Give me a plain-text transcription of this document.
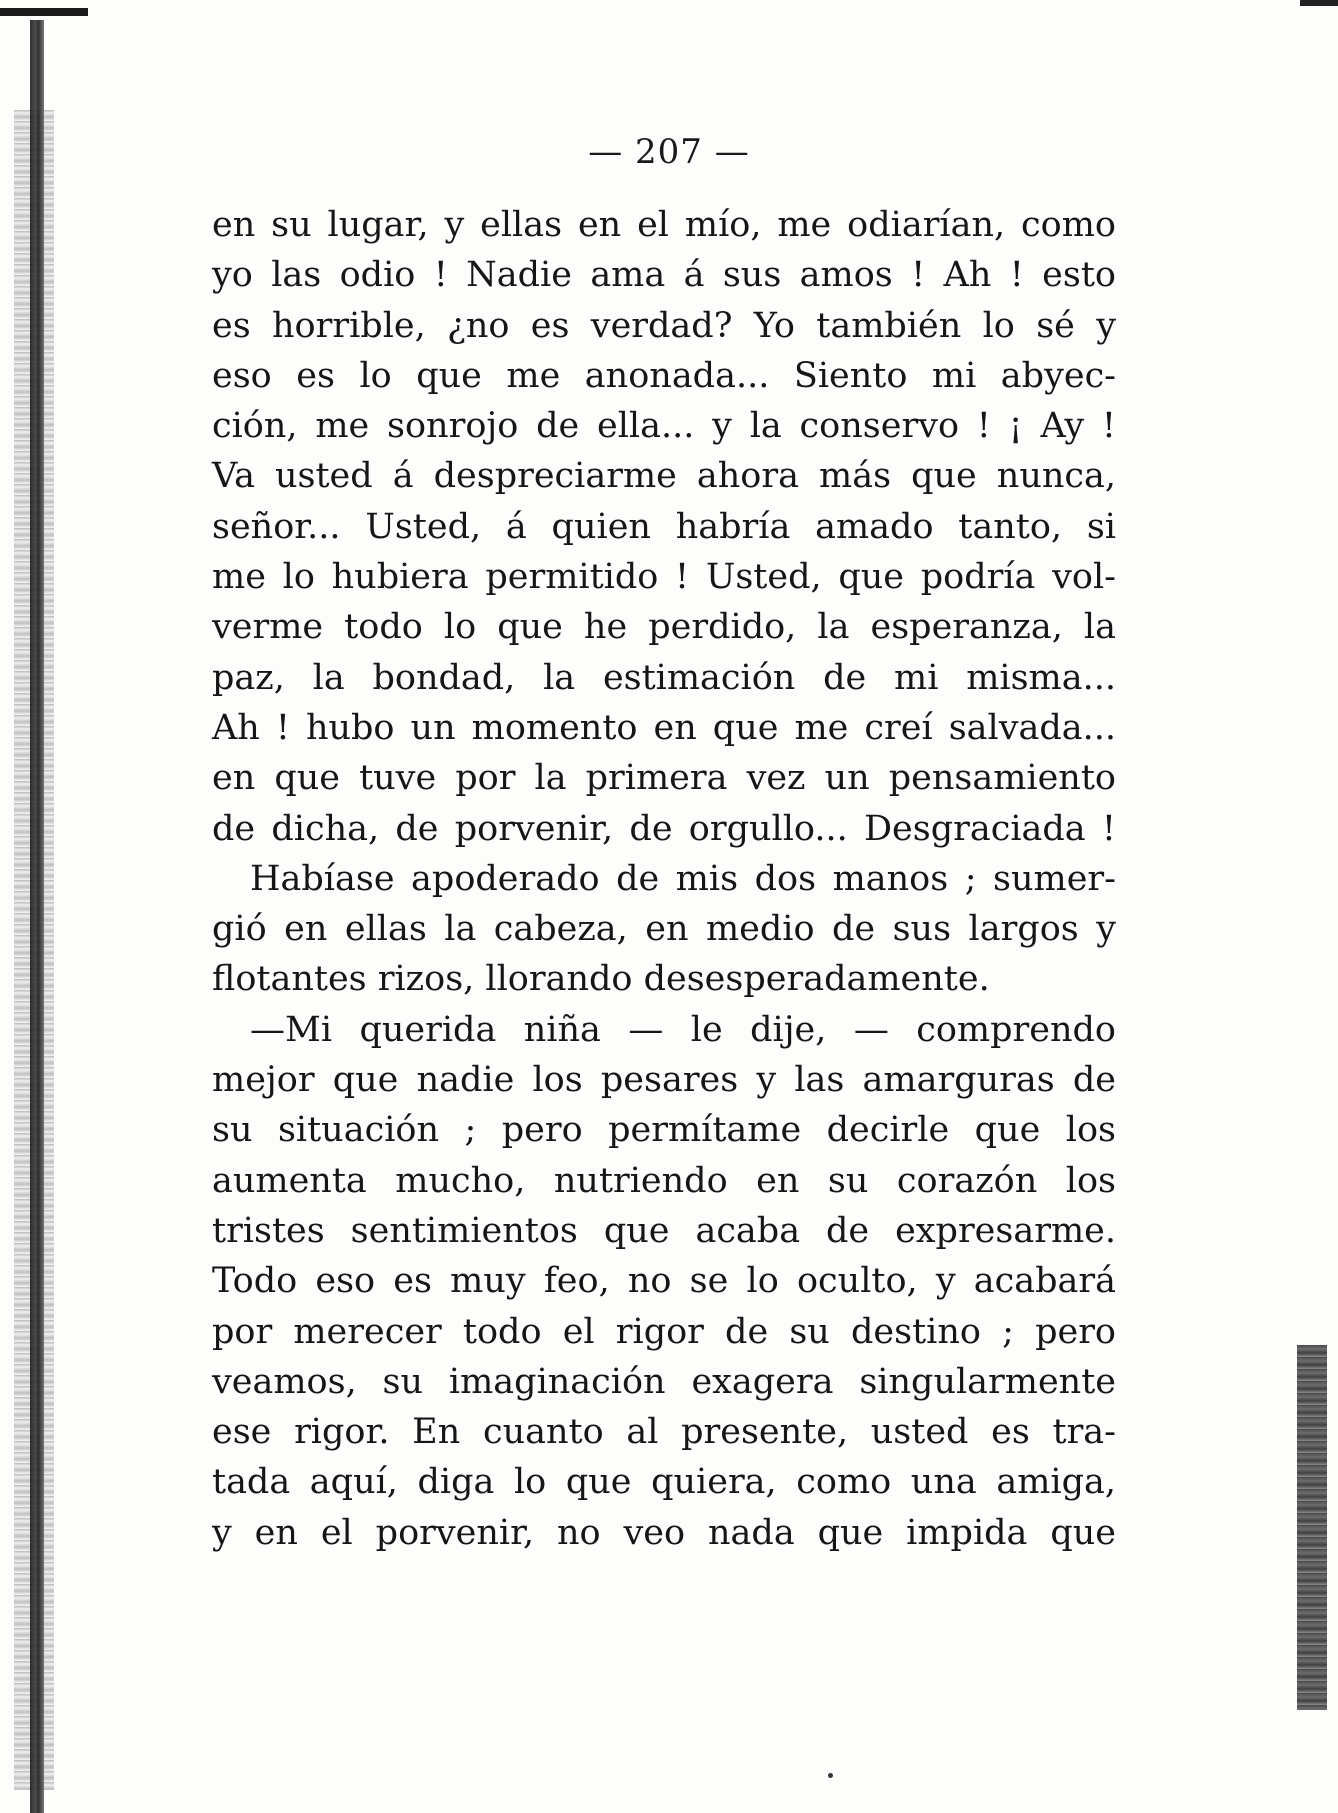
— 207 —
en su lugar, y ellas en el mío, me odiarían, como
yo las odio ! Nadie ama á sus amos ! Ah ! esto
es horrible, ¿no es verdad? Yo también lo sé y
eso es lo que me anonada... Siento mi abyec-
ción, me sonrojo de ella... y la conservo ! ¡ Ay !
Va usted á despreciarme ahora más que nunca,
señor... Usted, á quien habría amado tanto, si
me lo hubiera permitido ! Usted, que podría vol-
verme todo lo que he perdido, la esperanza, la
paz, la bondad, la estimación de mi misma...
Ah ! hubo un momento en que me creí salvada...
en que tuve por la primera vez un pensamiento
de dicha, de porvenir, de orgullo... Desgraciada !
Habíase apoderado de mis dos manos ; sumer-
gió en ellas la cabeza, en medio de sus largos y
flotantes rizos, llorando desesperadamente.
—Mi querida niña — le dije, — comprendo
mejor que nadie los pesares y las amarguras de
su situación ; pero permítame decirle que los
aumenta mucho, nutriendo en su corazón los
tristes sentimientos que acaba de expresarme.
Todo eso es muy feo, no se lo oculto, y acabará
por merecer todo el rigor de su destino ; pero
veamos, su imaginación exagera singularmente
ese rigor. En cuanto al presente, usted es tra-
tada aquí, diga lo que quiera, como una amiga,
y en el porvenir, no veo nada que impida que
